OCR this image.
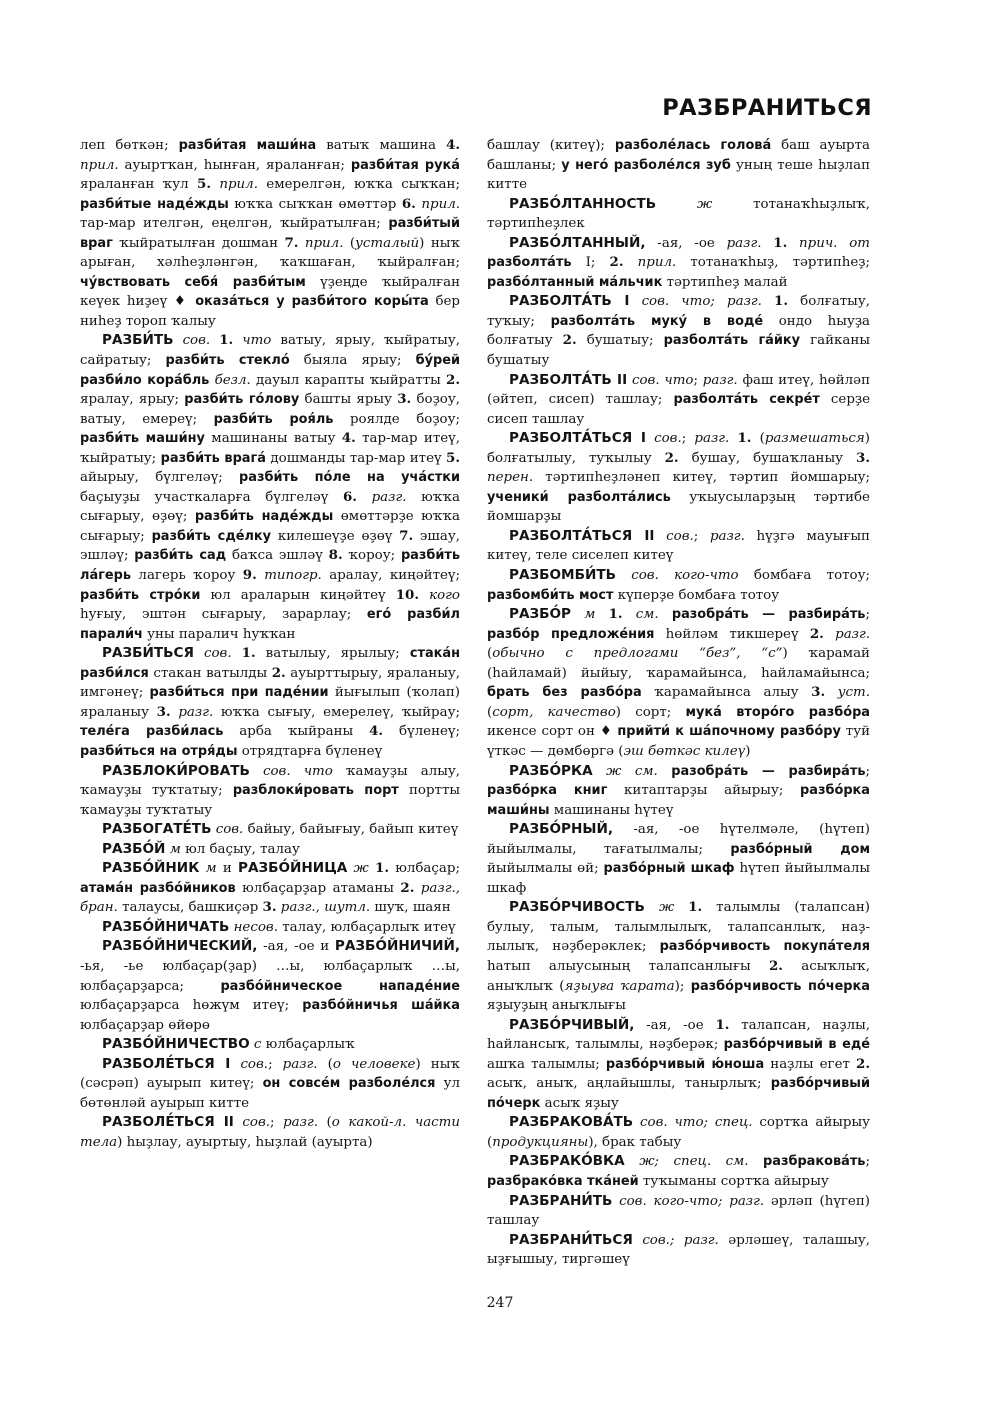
РАЗБРАНИТЬСЯ

леп бөткән; разби́тая маши́на ватыҡ машина 4. прил. ауыртҡан, һынған, яраланған; разби́тая рука́ яраланған ҡул 5. прил. емерелгән, юҡҡа сыҡҡан; разби́тые наде́жды юҡҡа сыҡҡан өмөттәр 6. прил. тар-мар ителгән, еңелгән, ҡыйратылған; разби́тый враг ҡыйратылған дошман 7. прил. (усталый) ныҡ арыған, хәлһеҙләнгән, ҡаҡшаған, ҡыйралған; чу́вствовать себя́ разби́тым үҙеңде ҡыйралған кеүек һиҙеү ♦ оказа́ться у разби́того коры́та бер ниһеҙ тороп ҡалыу

РАЗБИ́ТЬ сов. 1. что ватыу, ярыу, ҡыйратыу, сайратыу; разби́ть стекло́ быяла ярыу; бу́рей разби́ло кора́бль безл. дауыл карапты ҡыйратты 2. яралау, ярыу; разби́ть го́лову башты ярыу 3. боҙоу, ватыу, емереү; разби́ть роя́ль роялде боҙоу; разби́ть маши́ну машинаны ватыу 4. тар-мар итеү, ҡыйратыу; разби́ть врага́ дошманды тар-мар итеү 5. айырыу, бүлгеләү; разби́ть по́ле на уча́стки баҫыуҙы участкаларға бүлгеләү 6. разг. юҡҡа сығарыу, өҙөү; разби́ть наде́жды өмөттәрҙе юҡҡа сығарыу; разби́ть сде́лку килешеүҙе өҙөү 7. эшау, эшләү; разби́ть сад баҡса эшләү 8. ҡороу; разби́ть ла́герь лагерь ҡороу 9. типогр. аралау, киңәйтеү; разби́ть стро́ки юл араларын киңәйтеү 10. кого һуғыу, эштән сығарыу, зарарлау; его́ разби́л парали́ч уны паралич һуҡҡан

РАЗБИ́ТЬСЯ сов. 1. ватылыу, ярылыу; стака́н разби́лся стакан ватылды 2. ауырттырыу, яраланыу, имгәнеү; разби́ться при паде́нии йығылып (ҡолап) яраланыу 3. разг. юҡҡа сығыу, емерелеү, ҡыйрау; теле́га разби́лась арба ҡыйраны 4. бүленеү; разби́ться на отря́ды отрядтарға бүленеү

РАЗБЛОКИ́РОВАТЬ сов. что ҡамауҙы алыу, ҡамауҙы туҡтатыу; разблоки́ровать порт портты ҡамауҙы туҡтатыу

РАЗБОГАТЕ́ТЬ сов. байыу, байығыу, байып китеү

РАЗБО́Й м юл баҫыу, талау

РАЗБО́ЙНИК м и РАЗБО́ЙНИЦА ж 1. юлбаҫар; атама́н разбо́йников юлбаҫарҙар атаманы 2. разг., бран. талаусы, башкиҫәр 3. разг., шутл. шуҡ, шаян

РАЗБО́ЙНИЧАТЬ несов. талау, юлбаҫарлыҡ итеү

РАЗБО́ЙНИЧЕСКИЙ, -ая, -ое и РАЗБО́ЙНИЧИЙ, -ья, -ье юлбаҫар(ҙар) …ы, юлбаҫарлыҡ …ы, юлбаҫарҙарса; разбо́йническое нападе́ние юлбаҫарҙарса һөжүм итеү; разбо́йничья ша́йка юлбаҫарҙар өйөрө

РАЗБО́ЙНИЧЕСТВО с юлбаҫарлыҡ

РАЗБОЛЕ́ТЬСЯ I сов.; разг. (о человеке) ныҡ (сәсрәп) ауырып китеү; он совсе́м разболе́лся ул бөтөнләй ауырып китте

РАЗБОЛЕ́ТЬСЯ II сов.; разг. (о какой-л. части тела) һыҙлау, ауыртыу, һыҙлай (ауырта)

башлау (китеү); разболе́лась голова́ баш ауырта башланы; у него́ разболе́лся зуб уның теше һыҙлап китте

РАЗБО́ЛТАННОСТЬ	ж тотанаҡһыҙлыҡ, тәртипһеҙлек

РАЗБО́ЛТАННЫЙ, -ая, -ое разг. 1. прич. от разболта́ть I; 2. прил. тотанаҡһыҙ, тәртипһеҙ; разбо́лтанный ма́льчик тәртипһеҙ малай

РАЗБОЛТА́ТЬ I сов. что; разг. 1. болғатыу, туҡыу; разболта́ть муку́ в воде́ ондо һыуҙа болғатыу 2. бушатыу; разболта́ть га́йку гайканы бушатыу

РАЗБОЛТА́ТЬ II сов. что; разг. фаш итеү, һөйләп (әйтеп, сисеп) ташлау; разболта́ть секре́т серҙе сисеп ташлау

РАЗБОЛТА́ТЬСЯ I сов.; разг. 1. (размешаться) болғатылыу, туҡылыу 2. бушау, бушаҡланыу 3. перен. тәртипһеҙләнеп китеү, тәртип йомшарыу; ученики́ разболта́лись уҡыусыларҙың тәртибе йомшарҙы

РАЗБОЛТА́ТЬСЯ II сов.; разг. һүҙгә мауығып китеү, теле сиселеп китеү

РАЗБОМБИ́ТЬ сов. кого-что бомбаға тотоу; разбомби́ть мост күперҙе бомбаға тотоу

РАЗБО́Р м 1. см. разобра́ть — разбира́ть; разбо́р предложе́ния һөйләм тикшереү 2. разг. (обычно с предлогами “без”, “с”) ҡарамай (һайламай) йыйыу, ҡарамайынса, һайламайынса; брать без разбо́ра ҡарамайынса алыу 3. уст. (сорт, качество) сорт; мука́ второ́го разбо́ра икенсе сорт он ♦ прийти́ к ша́почному разбо́ру туй үткәс — дөмбөргә (эш бөткәс килеү)

РАЗБО́РКА ж см. разобра́ть — разбира́ть; разбо́рка книг китаптарҙы айырыу; разбо́рка маши́ны машинаны һүтеү

РАЗБО́РНЫЙ, -ая, -ое һүтелмәле, (һүтеп) йыйылмалы, тағатылмалы; разбо́рный дом йыйылмалы өй; разбо́рный шкаф һүтеп йыйылмалы шкаф

РАЗБО́РЧИВОСТЬ ж 1. талымлы (талапсан) булыу, талым, талымлылыҡ, талапсанлыҡ, наҙлылыҡ, нәҙберәклек; разбо́рчивость покупа́теля һатып алыусының талапсанлығы 2. асыҡлыҡ, аныҡлыҡ (яҙыуға ҡарата); разбо́рчивость по́черка яҙыуҙың аныҡлығы

РАЗБО́РЧИВЫЙ, -ая, -ое 1. талапсан, наҙлы, һайлансыҡ, талымлы, нәҙберәк; разбо́рчивый в еде́ ашҡа талымлы; разбо́рчивый ю́ноша наҙлы егет 2. асыҡ, аныҡ, аңлайышлы, танырлыҡ; разбо́рчивый по́черк асыҡ яҙыу

РАЗБРАКОВА́ТЬ сов. что; спец. сортҡа айырыу (продукцияны), брак табыу

РАЗБРАКО́ВКА ж; спец. см. разбракова́ть; разбрако́вка тка́ней туҡыманы сортҡа айырыу

РАЗБРАНИ́ТЬ сов. кого-что; разг. әрләп (һүгеп) ташлау

РАЗБРАНИ́ТЬСЯ сов.; разг. әрләшеү, талашыу, ыҙғышыу, тиргәшеү

247
